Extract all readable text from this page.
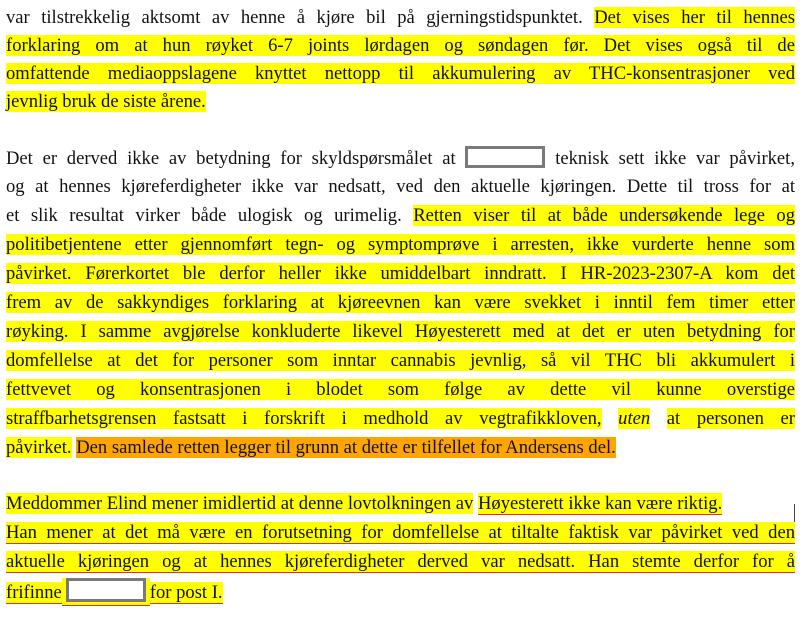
var tilstrekkelig aktsomt av henne å kjøre bil på gjerningstidspunktet. Det vises her til hennes
forklaring om at hun røyket 6-7 joints lørdagen og søndagen før. Det vises også til de
omfattende mediaoppslagene knyttet nettopp til akkumulering av THC-konsentrasjoner ved
jevnlig bruk de siste årene.
Det er derved ikke av betydning for skyldspørsmålet at	teknisk sett ikke var påvirket,
og at hennes kjøreferdigheter ikke var nedsatt, ved den aktuelle kjøringen. Dette til tross for at
et slik resultat virker både ulogisk og urimelig. Retten viser til at både undersøkende lege og
politibetjentene etter gjennomført tegn- og symptomprøve i arresten, ikke vurderte henne som
påvirket. Førerkortet ble derfor heller ikke umiddelbart inndratt. I HR-2023-2307-A kom det
frem av de sakkyndiges forklaring at kjøreevnen kan være svekket i inntil fem timer etter
røyking. I samme avgjørelse konkluderte likevel Høyesterett med at det er uten betydning for
domfellelse at det for personer som inntar cannabis jevnlig, så vil THC bli akkumulert i
fettvevet og konsentrasjonen i blodet som følge av dette vil kunne overstige
straffbarhetsgrensen fastsatt i forskrift i medhold av vegtrafikkloven, uten at personen er
påvirket. Den samlede retten legger til grunn at dette er tilfellet for Andersens del.
Meddommer Elind mener imidlertid at denne lovtolkningen av Høyesterett ikke kan være riktig.
Han mener at det må være en forutsetning for domfellelse at tiltalte faktisk var påvirket ved den
aktuelle kjøringen og at hennes kjøreferdigheter derved var nedsatt. Han stemte derfor for å
frifinne	for post I.
